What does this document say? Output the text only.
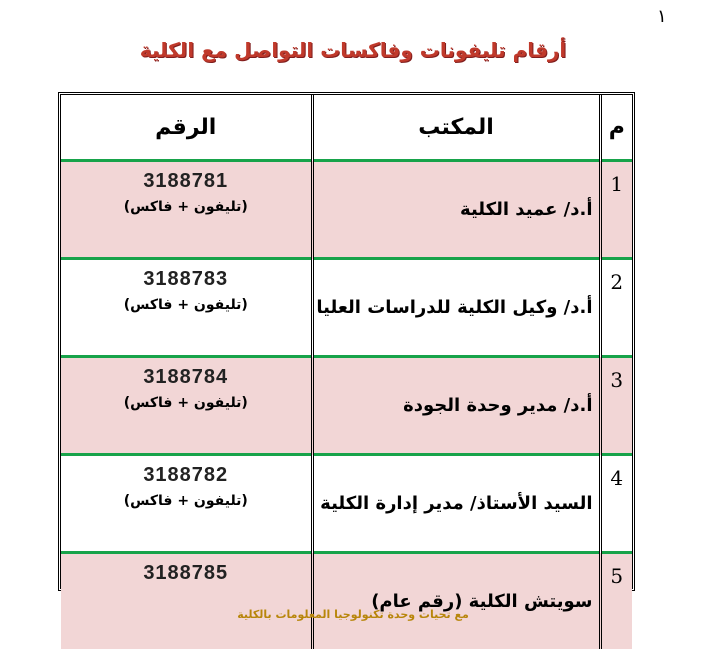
١
أرقام تليفونات وفاكسات التواصل مع الكلية
م	المكتب	الرقم
1	أ.د/ عميد الكلية	3188781
(تليفون + فاكس)

2	أ.د/ وكيل الكلية للدراسات العليا	3188783
(تليفون + فاكس)

3	أ.د/ مدير وحدة الجودة	3188784
(تليفون + فاكس)

4	السيد الأستاذ/ مدير إدارة الكلية	3188782
(تليفون + فاكس)

5	سويتش الكلية (رقم عام)	3188785
مع تحيات وحدة تكنولوجيا المعلومات بالكلية
